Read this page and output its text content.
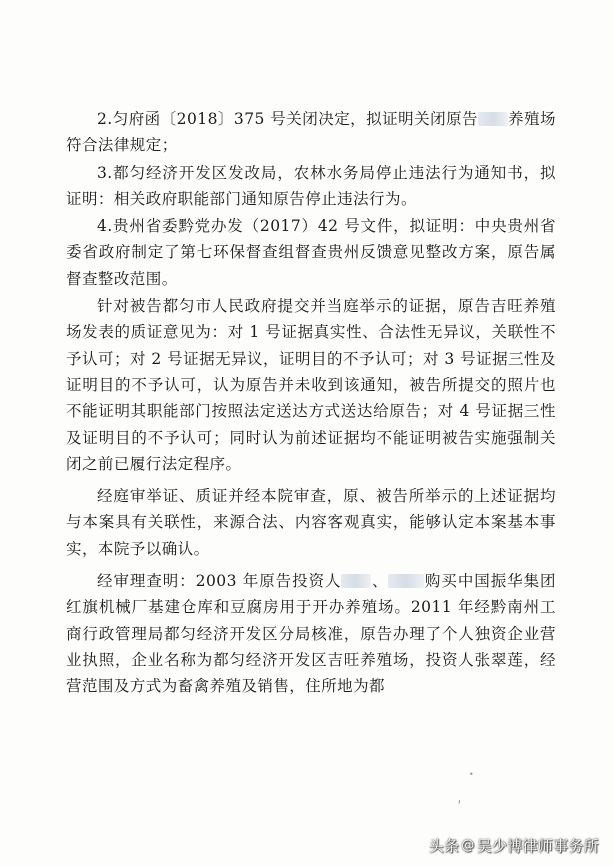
2.匀府函〔2018〕375 号关闭决定，拟证明关闭原告 养殖场符合法律规定；

3.都匀经济开发区发改局，农林水务局停止违法行为通知书，拟证明：相关政府职能部门通知原告停止违法行为。

4.贵州省委黔党办发（2017）42 号文件，拟证明：中央贵州省委省政府制定了第七环保督查组督查贵州反馈意见整改方案，原告属督查整改范围。

针对被告都匀市人民政府提交并当庭举示的证据，原告吉旺养殖场发表的质证意见为：对 1 号证据真实性、合法性无异议，关联性不予认可；对 2 号证据无异议，证明目的不予认可；对 3 号证据三性及证明目的不予认可，认为原告并未收到该通知，被告所提交的照片也不能证明其职能部门按照法定送达方式送达给原告；对 4 号证据三性及证明目的不予认可；同时认为前述证据均不能证明被告实施强制关闭之前已履行法定程序。

经庭审举证、质证并经本院审查，原、被告所举示的上述证据均与本案具有关联性，来源合法、内容客观真实，能够认定本案基本事实，本院予以确认。

经审理查明：2003 年原告投资人 、 购买中国振华集团红旗机械厂基建仓库和豆腐房用于开办养殖场。2011 年经黔南州工商行政管理局都匀经济开发区分局核准，原告办理了个人独资企业营业执照，企业名称为都匀经济开发区吉旺养殖场，投资人张翠莲，经营范围及方式为畜禽养殖及销售，住所地为都

•
,
头条 @ 吴少博律师事务所
